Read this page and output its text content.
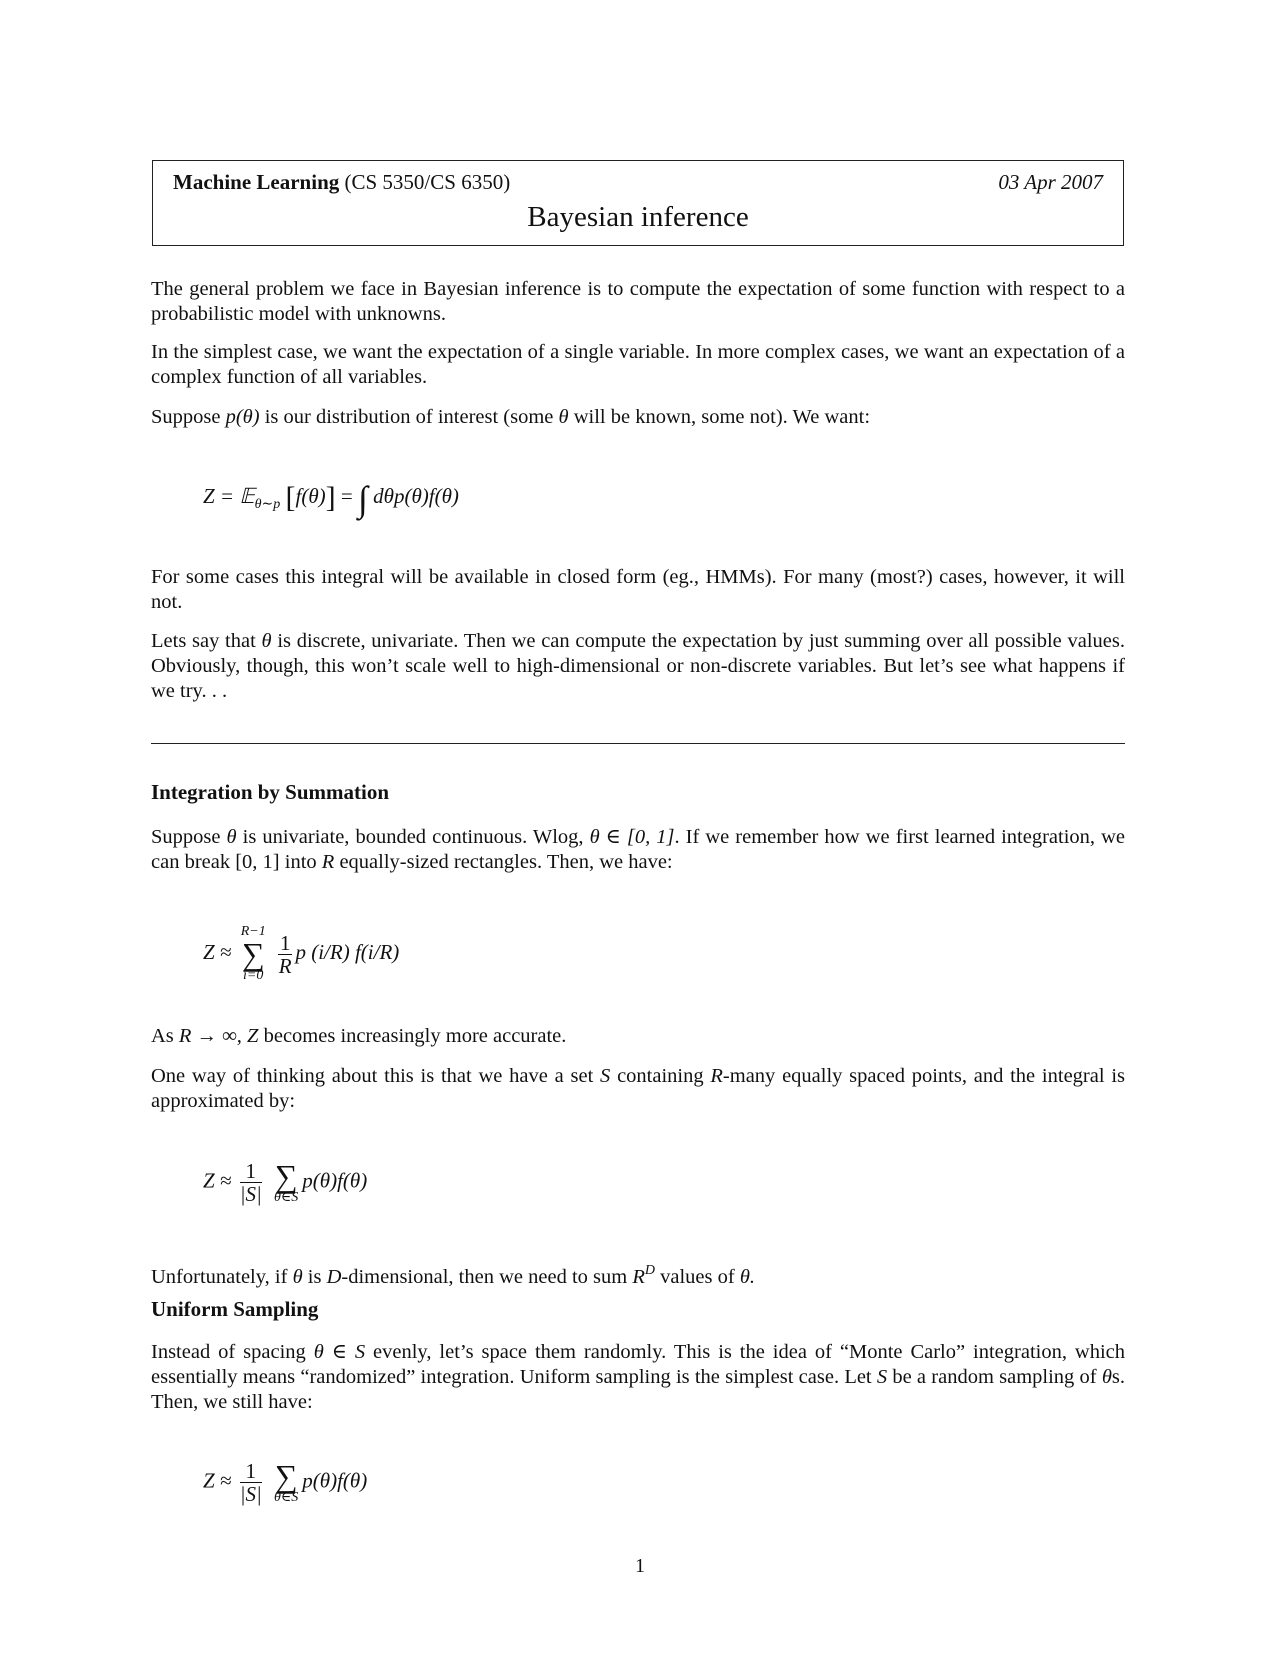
Machine Learning (CS 5350/CS 6350)	03 Apr 2007
Bayesian inference
The general problem we face in Bayesian inference is to compute the expectation of some function with respect to a probabilistic model with unknowns.
In the simplest case, we want the expectation of a single variable. In more complex cases, we want an expectation of a complex function of all variables.
Suppose p(θ) is our distribution of interest (some θ will be known, some not). We want:
Z = 𝔼$_{\theta\sim p}$ [f(θ)] = ∫ dθp(θ)f(θ)
For some cases this integral will be available in closed form (eg., HMMs). For many (most?) cases, however, it will not.
Lets say that θ is discrete, univariate. Then we can compute the expectation by just summing over all possible values. Obviously, though, this won’t scale well to high-dimensional or non-discrete variables. But let’s see what happens if we try. . .
Integration by Summation
Suppose θ is univariate, bounded continuous. Wlog, θ ∈ [0, 1]. If we remember how we first learned integration, we can break [0, 1] into R equally-sized rectangles. Then, we have:
Z ≈
R−1
∑
i=0
$\frac{1}{R}$ p (i/R) f(i/R)
As R → ∞, Z becomes increasingly more accurate.
One way of thinking about this is that we have a set S containing R-many equally spaced points, and the integral is approximated by:
$Z \approx \frac{1}{|S|}$
∑
θ∈S
p(θ)f(θ)
Unfortunately, if θ is D-dimensional, then we need to sum $R^D$ values of θ.
Uniform Sampling
Instead of spacing θ ∈ S evenly, let’s space them randomly. This is the idea of “Monte Carlo” integration, which essentially means “randomized” integration. Uniform sampling is the simplest case. Let S be a random sampling of θs. Then, we still have:
$Z \approx \frac{1}{|S|}$
∑
θ∈S
p(θ)f(θ)
1
